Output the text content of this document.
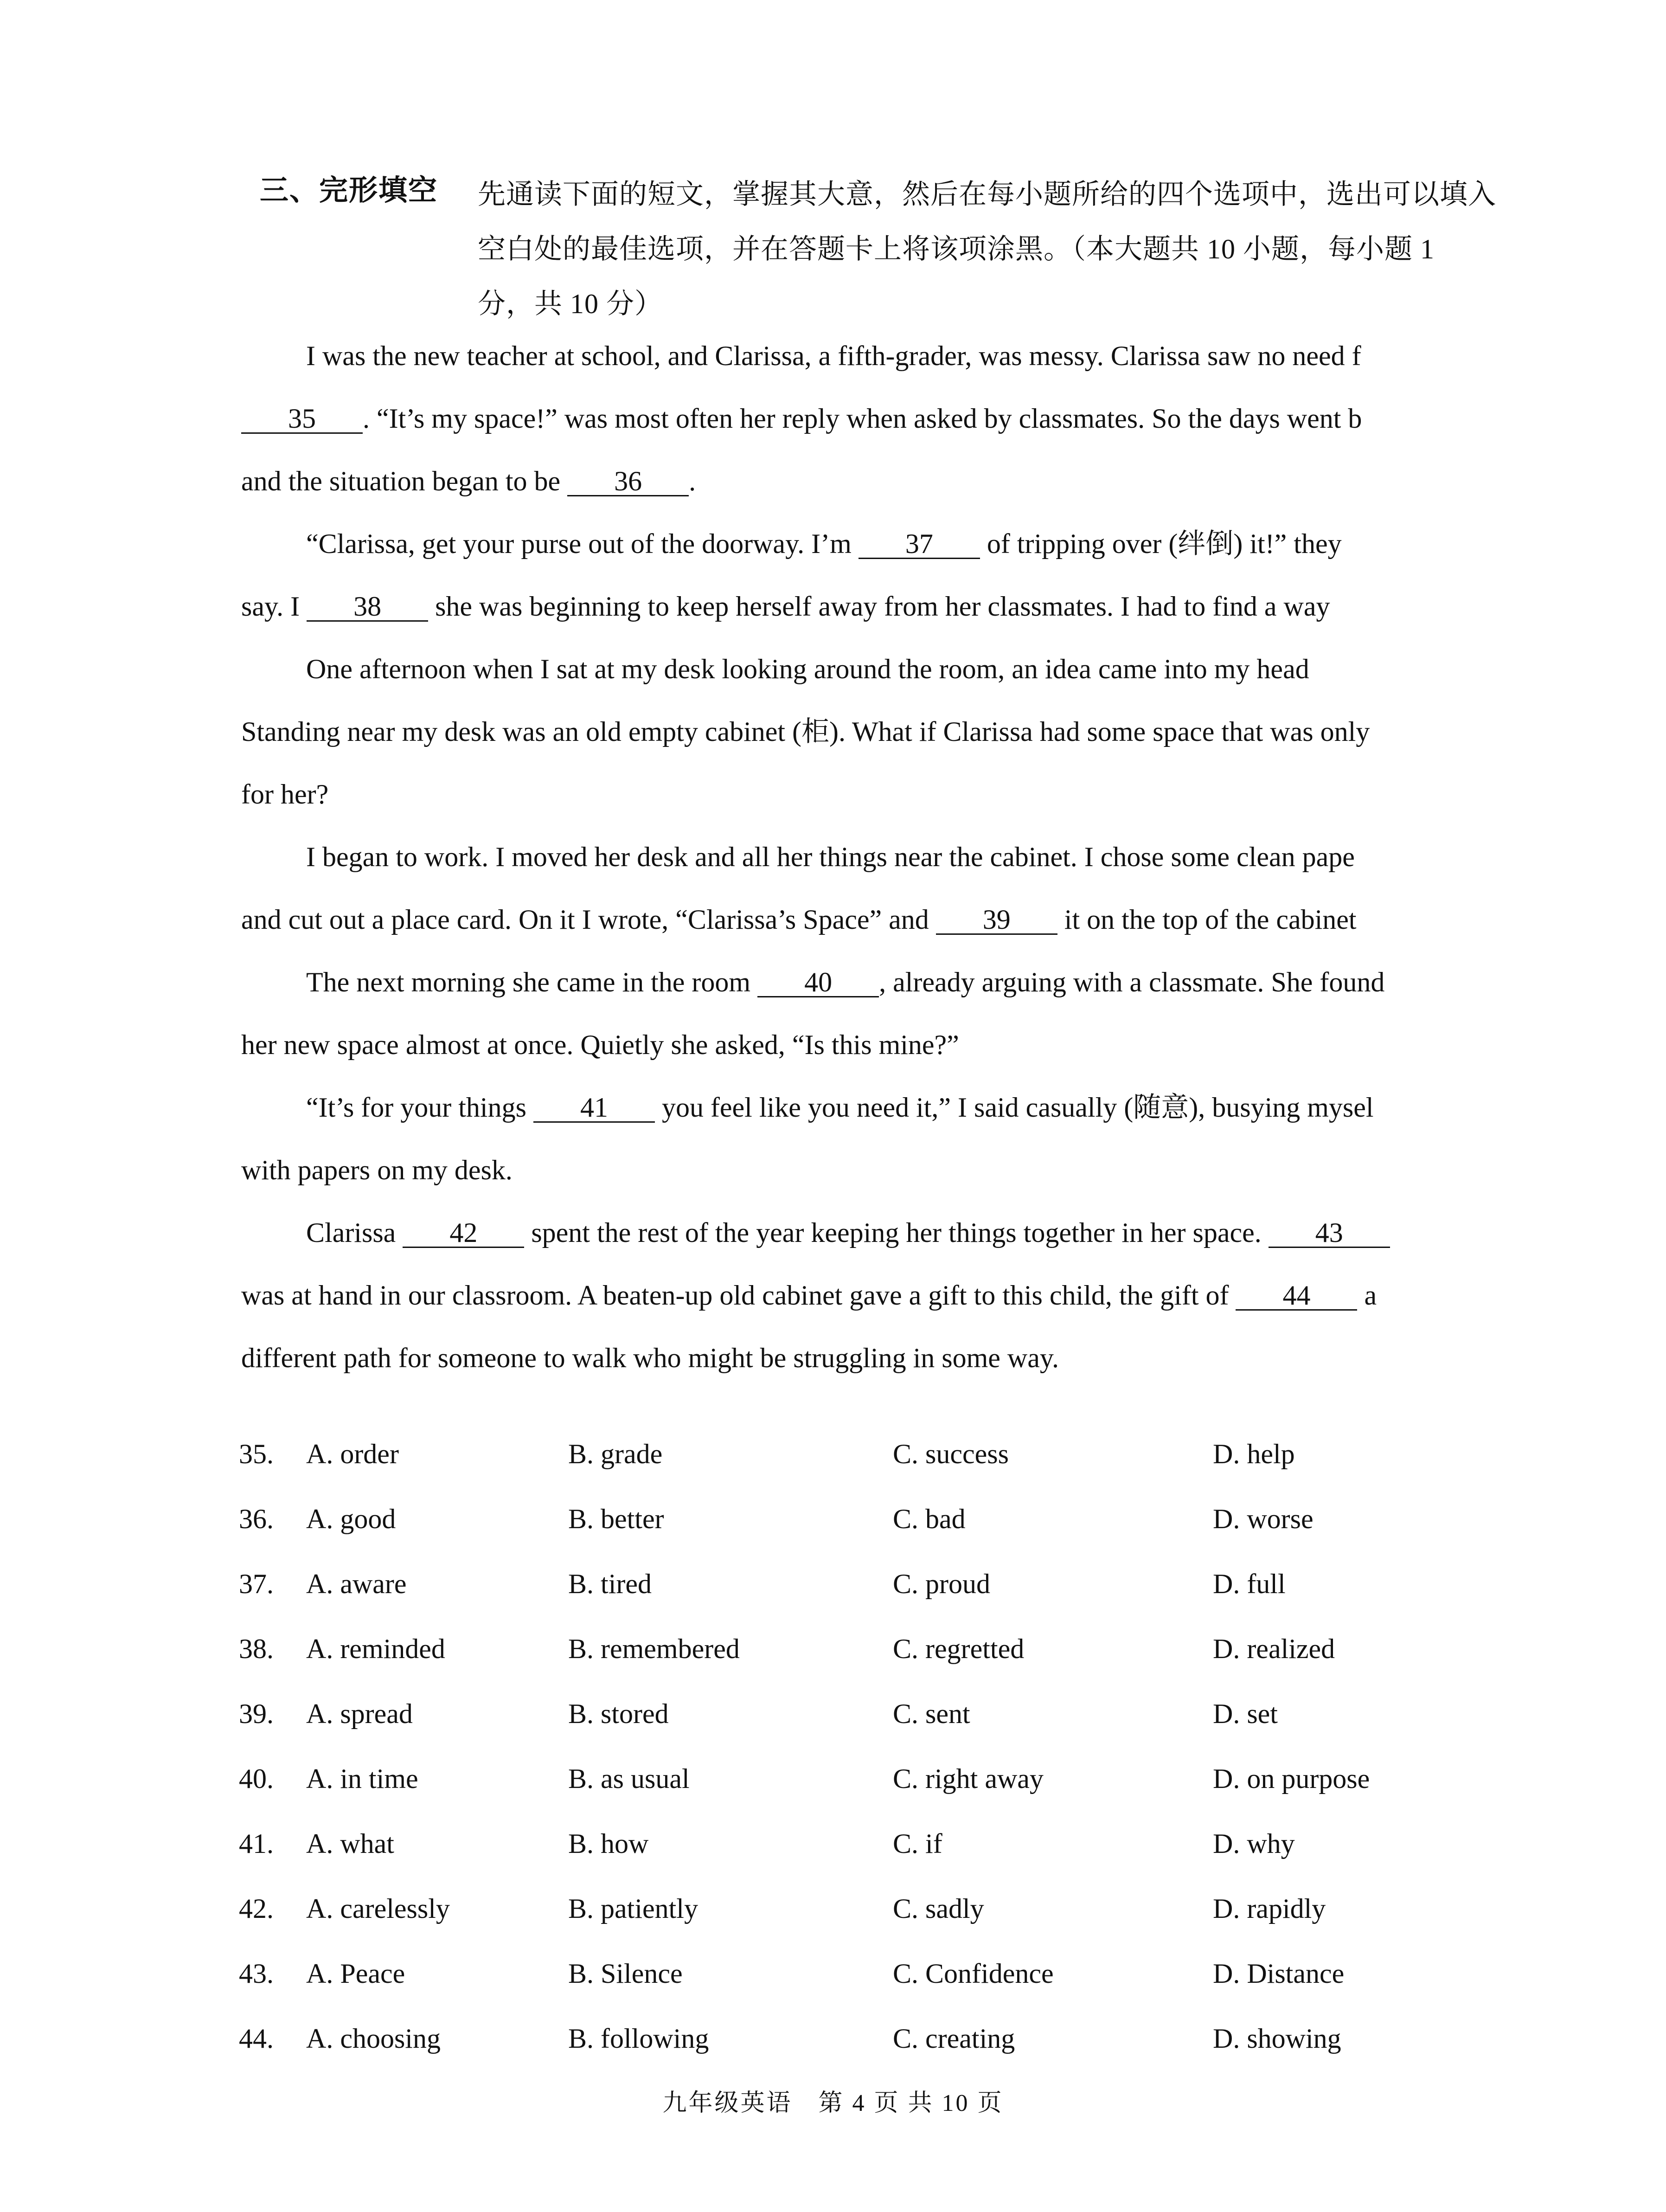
三、完形填空 先通读下面的短文，掌握其大意，然后在每小题所给的四个选项中，选出可以填入空白处的最佳选项，并在答题卡上将该项涂黑。（本大题共 10 小题，每小题 1 分，共 10 分）

I was the new teacher at school, and Clarissa, a fifth-grader, was messy. Clarissa saw no need f

35 . “It’s my space!” was most often her reply when asked by classmates. So the days went b

and the situation began to be 36 .

“Clarissa, get your purse out of the doorway. I’m 37 of tripping over (绊倒) it!” they

say. I 38 she was beginning to keep herself away from her classmates. I had to find a way

One afternoon when I sat at my desk looking around the room, an idea came into my head

Standing near my desk was an old empty cabinet (柜). What if Clarissa had some space that was only

for her?

I began to work. I moved her desk and all her things near the cabinet. I chose some clean pape

and cut out a place card. On it I wrote, “Clarissa’s Space” and 39 it on the top of the cabinet

The next morning she came in the room 40 , already arguing with a classmate. She found

her new space almost at once. Quietly she asked, “Is this mine?”

“It’s for your things 41 you feel like you need it,” I said casually (随意), busying mysel

with papers on my desk.

Clarissa 42 spent the rest of the year keeping her things together in her space. 43

was at hand in our classroom. A beaten-up old cabinet gave a gift to this child, the gift of 44 a

different path for someone to walk who might be struggling in some way.

35. A. order	B. grade	C. success	D. help
36. A. good	B. better	C. bad	D. worse
37. A. aware	B. tired	C. proud	D. full
38. A. reminded	B. remembered	C. regretted	D. realized
39. A. spread	B. stored	C. sent	D. set
40. A. in time	B. as usual	C. right away	D. on purpose
41. A. what	B. how	C. if	D. why
42. A. carelessly	B. patiently	C. sadly	D. rapidly
43. A. Peace	B. Silence	C. Confidence	D. Distance
44. A. choosing	B. following	C. creating	D. showing
九年级英语　第 4 页 共 10 页
